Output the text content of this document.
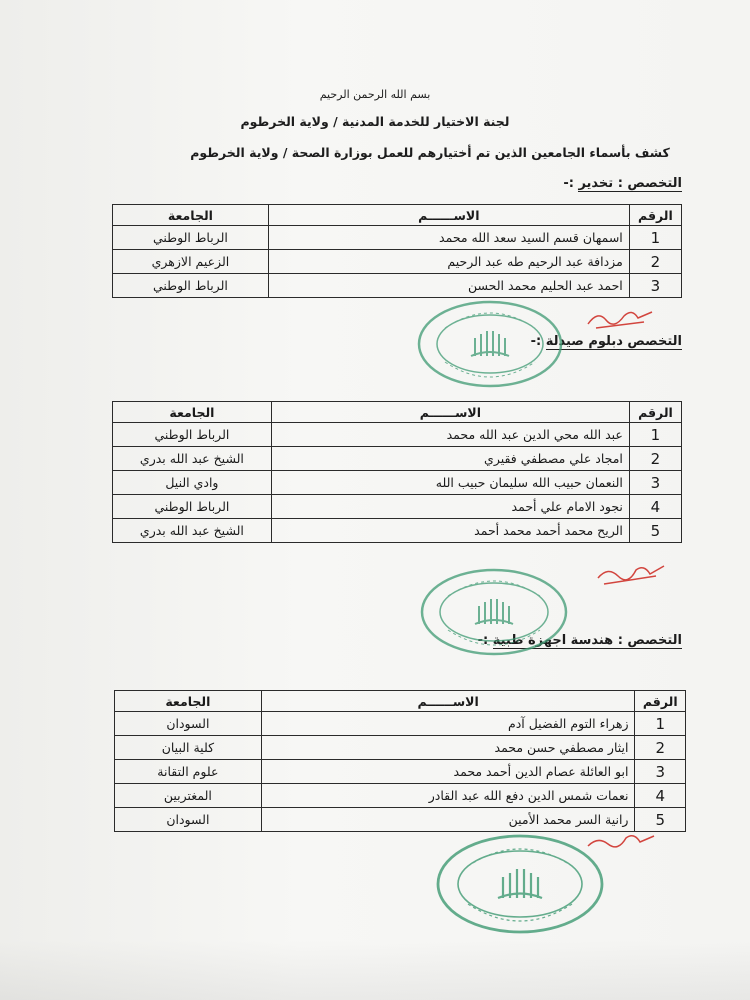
بسم الله الرحمن الرحيم
لجنة الاختيار للخدمة المدنية / ولاية الخرطوم
كشف بأسماء الجامعين الذين تم أختيارهم للعمل بوزارة الصحة / ولاية الخرطوم
التخصص : تخدير :-
الرقم	الاســــــم	الجامعة
1	اسمهان قسم السيد سعد الله محمد	الرباط الوطني
2	مزدافة عبد الرحيم طه عبد الرحيم	الزعيم الازهري
3	احمد عبد الحليم محمد الحسن	الرباط الوطني
التخصص دبلوم صيدلة :-
الرقم	الاســــــم	الجامعة
1	عبد الله محي الدين عبد الله محمد	الرباط الوطني
2	امجاد علي مصطفي فقيري	الشيخ عبد الله بدري
3	النعمان حبيب الله سليمان حبيب الله	وادي النيل
4	نجود الامام علي أحمد	الرباط الوطني
5	الريح محمد أحمد محمد أحمد	الشيخ عبد الله بدري
التخصص : هندسة اجهزة طبية :-
الرقم	الاســــــم	الجامعة
1	زهراء التوم الفضيل آدم	السودان
2	ايثار مصطفي حسن محمد	كلية البيان
3	ابو العائلة عصام الدين أحمد محمد	علوم التقانة
4	نعمات شمس الدين دفع الله عبد القادر	المغتربين
5	رانية السر محمد الأمين	السودان
